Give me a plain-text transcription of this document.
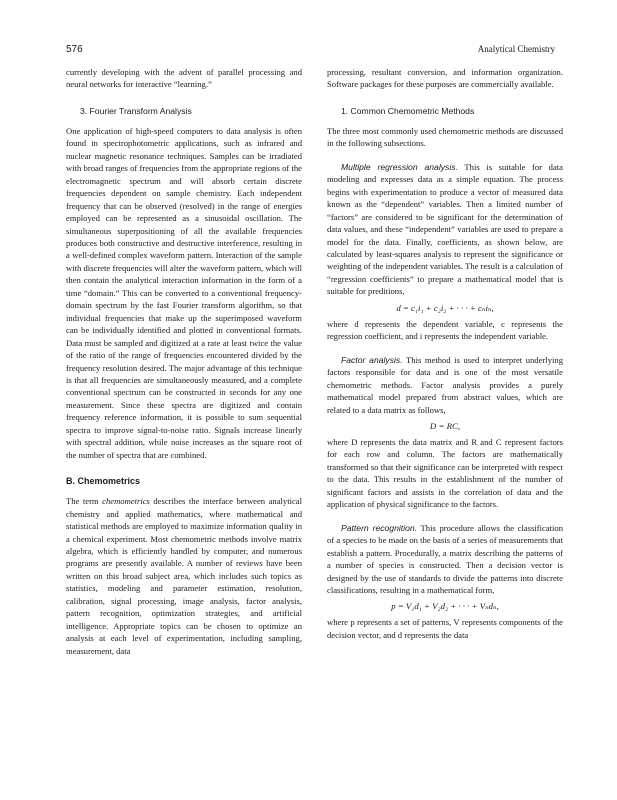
576	Analytical Chemistry

currently developing with the advent of parallel processing and neural networks for interactive “learning.”

3. Fourier Transform Analysis

One application of high-speed computers to data analysis is often found in spectrophotometric applications, such as infrared and nuclear magnetic resonance techniques. Samples can be irradiated with broad ranges of frequencies from the appropriate regions of the electromagnetic spectrum and will absorb certain discrete frequencies dependent on sample chemistry. Each independent frequency that can be observed (resolved) in the range of energies employed can be represented as a sinusoidal oscillation. The simultaneous superpositioning of all the available frequencies produces both constructive and destructive interference, resulting in a well-defined complex waveform pattern. Interaction of the sample with discrete frequencies will alter the waveform pattern, which will then contain the analytical interaction information in the form of a time “domain.” This can be converted to a conventional frequency-domain spectrum by the fast Fourier transform algorithm, so that individual frequencies that make up the superimposed waveform can be individually identified and plotted in conventional formats. Data must be sampled and digitized at a rate at least twice the value of the ratio of the range of frequencies encountered divided by the frequency resolution desired. The major advantage of this technique is that all frequencies are simultaneously measured, and a complete conventional spectrum can be constructed in seconds for any one measurement. Since these spectra are digitized and contain frequency reference information, it is possible to sum sequential spectra to improve signal-to-noise ratio. Signals increase linearly with spectral addition, while noise increases as the square root of the number of spectra that are combined.

B. Chemometrics

The term chemometrics describes the interface between analytical chemistry and applied mathematics, where mathematical and statistical methods are employed to maximize information quality in a chemical experiment. Most chemometric methods involve matrix algebra, which is efficiently handled by computer, and numerous programs are presently available. A number of reviews have been written on this broad subject area, which includes such topics as statistics, modeling and parameter estimation, resolution, calibration, signal processing, image analysis, factor analysis, pattern recognition, optimization strategies, and artificial intelligence. Appropriate topics can be chosen to optimize an analysis at each level of experimentation, including sampling, measurement, data

processing, resultant conversion, and information organization. Software packages for these purposes are commercially available.

1. Common Chemometric Methods

The three most commonly used chemometric methods are discussed in the following subsections.

Multiple regression analysis. This is suitable for data modeling and expresses data as a simple equation. The process begins with experimentation to produce a vector of measured data known as the “dependent” variables. Then a limited number of “factors” are considered to be significant for the determination of data values, and these “independent” variables are used to prepare a model for the data. Finally, coefficients, as shown below, are calculated by least-squares analysis to represent the significance or weighting of the independent variables. The result is a calculation of “regression coefficients” to prepare a mathematical model that is suitable for preditions,

d = c₁i₁ + c₂i₂ + · · · + cₙiₙ,

where d represents the dependent variable, c represents the regression coefficient, and i represents the independent variable.

Factor analysis. This method is used to interpret underlying factors responsible for data and is one of the most versatile chemometric methods. Factor analysis provides a purely mathematical model prepared from abstract values, which are related to a data matrix as follows,

D = RC,

where D represents the data matrix and R and C represent factors for each row and column. The factors are mathematically transformed so that their significance can be interpreted with respect to the data. This results in the establishment of the number of significant factors and assists in the correlation of data and the application of physical significance to the factors.

Pattern recognition. This procedure allows the classification of a species to be made on the basis of a series of measurements that establish a pattern. Procedurally, a matrix describing the patterns of a number of species is constructed. Then a decision vector is designed by the use of standards to divide the patterns into discrete classifications, resulting in a mathematical form,

p = V₁d₁ + V₂d₂ + · · · + Vₙdₙ,

where p represents a set of patterns, V represents components of the decision vector, and d represents the data
